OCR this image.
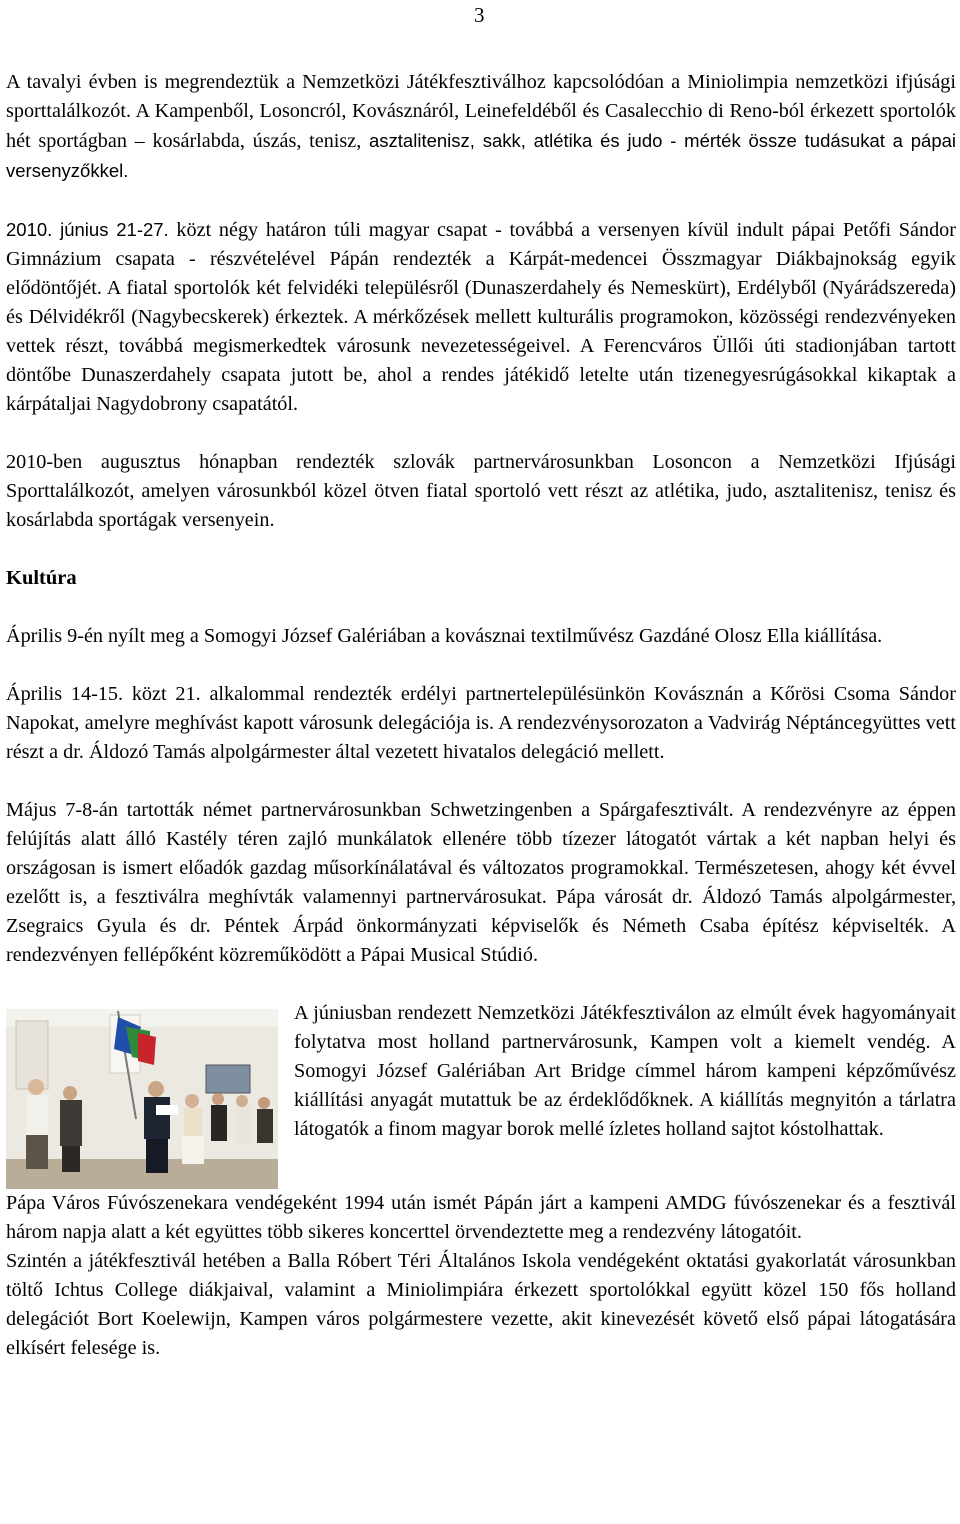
3

A tavalyi évben is megrendeztük a Nemzetközi Játékfesztiválhoz kapcsolódóan a Miniolimpia nemzetközi ifjúsági sporttalálkozót. A Kampenből, Losoncról, Kovásznáról, Leinefeldéből és Casalecchio di Reno-ból érkezett sportolók hét sportágban – kosárlabda, úszás, tenisz, asztalitenisz, sakk, atlétika és judo - mérték össze tudásukat a pápai versenyzőkkel.

2010. június 21-27. közt négy határon túli magyar csapat - továbbá a versenyen kívül indult pápai Petőfi Sándor Gimnázium csapata - részvételével Pápán rendezték a Kárpát-medencei Összmagyar Diákbajnokság egyik elődöntőjét. A fiatal sportolók két felvidéki településről (Dunaszerdahely és Nemeskürt), Erdélyből (Nyárádszereda) és Délvidékről (Nagybecskerek) érkeztek. A mérkőzések mellett kulturális programokon, közösségi rendezvényeken vettek részt, továbbá megismerkedtek városunk nevezetességeivel. A Ferencváros Üllői úti stadionjában tartott döntőbe Dunaszerdahely csapata jutott be, ahol a rendes játékidő letelte után tizenegyesrúgásokkal kikaptak a kárpátaljai Nagydobrony csapatától.

2010-ben augusztus hónapban rendezték szlovák partnervárosunkban Losoncon a Nemzetközi Ifjúsági Sporttalálkozót, amelyen városunkból közel ötven fiatal sportoló vett részt az atlétika, judo, asztalitenisz, tenisz és kosárlabda sportágak versenyein.

Kultúra

Április 9-én nyílt meg a Somogyi József Galériában a kovásznai textilművész Gazdáné Olosz Ella kiállítása.

Április 14-15. közt 21. alkalommal rendezték erdélyi partnertelepülésünkön Kovásznán a Kőrösi Csoma Sándor Napokat, amelyre meghívást kapott városunk delegációja is. A rendezvénysorozaton a Vadvirág Néptáncegyüttes vett részt a dr. Áldozó Tamás alpolgármester által vezetett hivatalos delegáció mellett.

Május 7-8-án tartották német partnervárosunkban Schwetzingenben a Spárgafesztivált. A rendezvényre az éppen felújítás alatt álló Kastély téren zajló munkálatok ellenére több tízezer látogatót vártak a két napban helyi és országosan is ismert előadók gazdag műsorkínálatával és változatos programokkal. Természetesen, ahogy két évvel ezelőtt is, a fesztiválra meghívták valamennyi partnervárosukat. Pápa városát dr. Áldozó Tamás alpolgármester, Zsegraics Gyula és dr. Péntek Árpád önkormányzati képviselők és Németh Csaba építész képviselték. A rendezvényen fellépőként közreműködött a Pápai Musical Stúdió.

A júniusban rendezett Nemzetközi Játékfesztiválon az elmúlt évek hagyományait folytatva most holland partnervárosunk, Kampen volt a kiemelt vendég. A Somogyi József Galériában Art Bridge címmel három kampeni képzőművész kiállítási anyagát mutattuk be az érdeklődőknek. A kiállítás megnyitón a tárlatra látogatók a finom magyar borok mellé ízletes holland sajtot kóstolhattak.

Pápa Város Fúvószenekara vendégeként 1994 után ismét Pápán járt a kampeni AMDG fúvószenekar és a fesztivál három napja alatt a két együttes több sikeres koncerttel örvendeztette meg a rendezvény látogatóit.

Szintén a játékfesztivál hetében a Balla Róbert Téri Általános Iskola vendégeként oktatási gyakorlatát városunkban töltő Ichtus College diákjaival, valamint a Miniolimpiára érkezett sportolókkal együtt közel 150 fős holland delegációt Bort Koelewijn, Kampen város polgármestere vezette, akit kinevezését követő első pápai látogatására elkísért felesége is.
